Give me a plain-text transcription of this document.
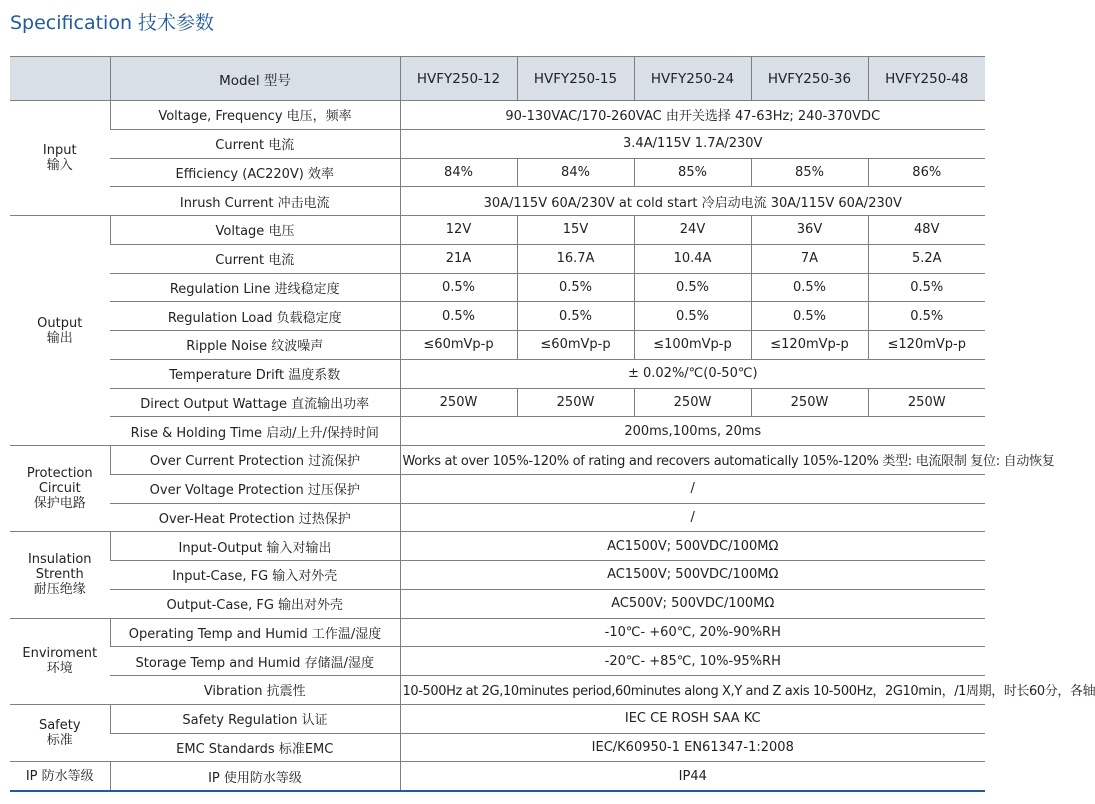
Specification 技术参数
	Model 型号	HVFY250-12	HVFY250-15	HVFY250-24	HVFY250-36	HVFY250-48
Input
输入	Voltage, Frequency 电压，频率	90-130VAC/170-260VAC 由开关选择 47-63Hz; 240-370VDC				
	Current 电流	3.4A/115V 1.7A/230V				
	Efficiency (AC220V) 效率	84%	84%	85%	85%	86%
	Inrush Current 冲击电流	30A/115V 60A/230V at cold start 冷启动电流 30A/115V 60A/230V				
Output
输出	Voltage 电压	12V	15V	24V	36V	48V
	Current 电流	21A	16.7A	10.4A	7A	5.2A
	Regulation Line 进线稳定度	0.5%	0.5%	0.5%	0.5%	0.5%
	Regulation Load 负载稳定度	0.5%	0.5%	0.5%	0.5%	0.5%
	Ripple Noise 纹波噪声	≤60mVp-p	≤60mVp-p	≤100mVp-p	≤120mVp-p	≤120mVp-p
	Temperature Drift 温度系数	± 0.02%/℃(0-50℃)				
	Direct Output Wattage 直流输出功率	250W	250W	250W	250W	250W
	Rise & Holding Time 启动/上升/保持时间	200ms,100ms, 20ms				
Protection
Circuit
保护电路	Over Current Protection 过流保护	Works at over 105%-120% of rating and recovers automatically 105%-120% 类型: 电流限制 复位: 自动恢复				
	Over Voltage Protection 过压保护	/				
	Over-Heat Protection 过热保护	/				
Insulation
Strenth
耐压绝缘	Input-Output 输入对输出	AC1500V; 500VDC/100MΩ				
	Input-Case, FG 输入对外壳	AC1500V; 500VDC/100MΩ				
	Output-Case, FG 输出对外壳	AC500V; 500VDC/100MΩ				
Enviroment
环境	Operating Temp and Humid 工作温/湿度	-10℃- +60℃, 20%-90%RH				
	Storage Temp and Humid 存储温/湿度	-20℃- +85℃, 10%-95%RH				
	Vibration 抗震性	10-500Hz at 2G,10minutes period,60minutes along X,Y and Z axis 10-500Hz，2G10min，/1周期，时长60分，各轴				
Safety
标准	Safety Regulation 认证	IEC CE ROSH SAA KC				
	EMC Standards 标准EMC	IEC/K60950-1 EN61347-1:2008				
IP 防水等级	IP 使用防水等级	IP44				
